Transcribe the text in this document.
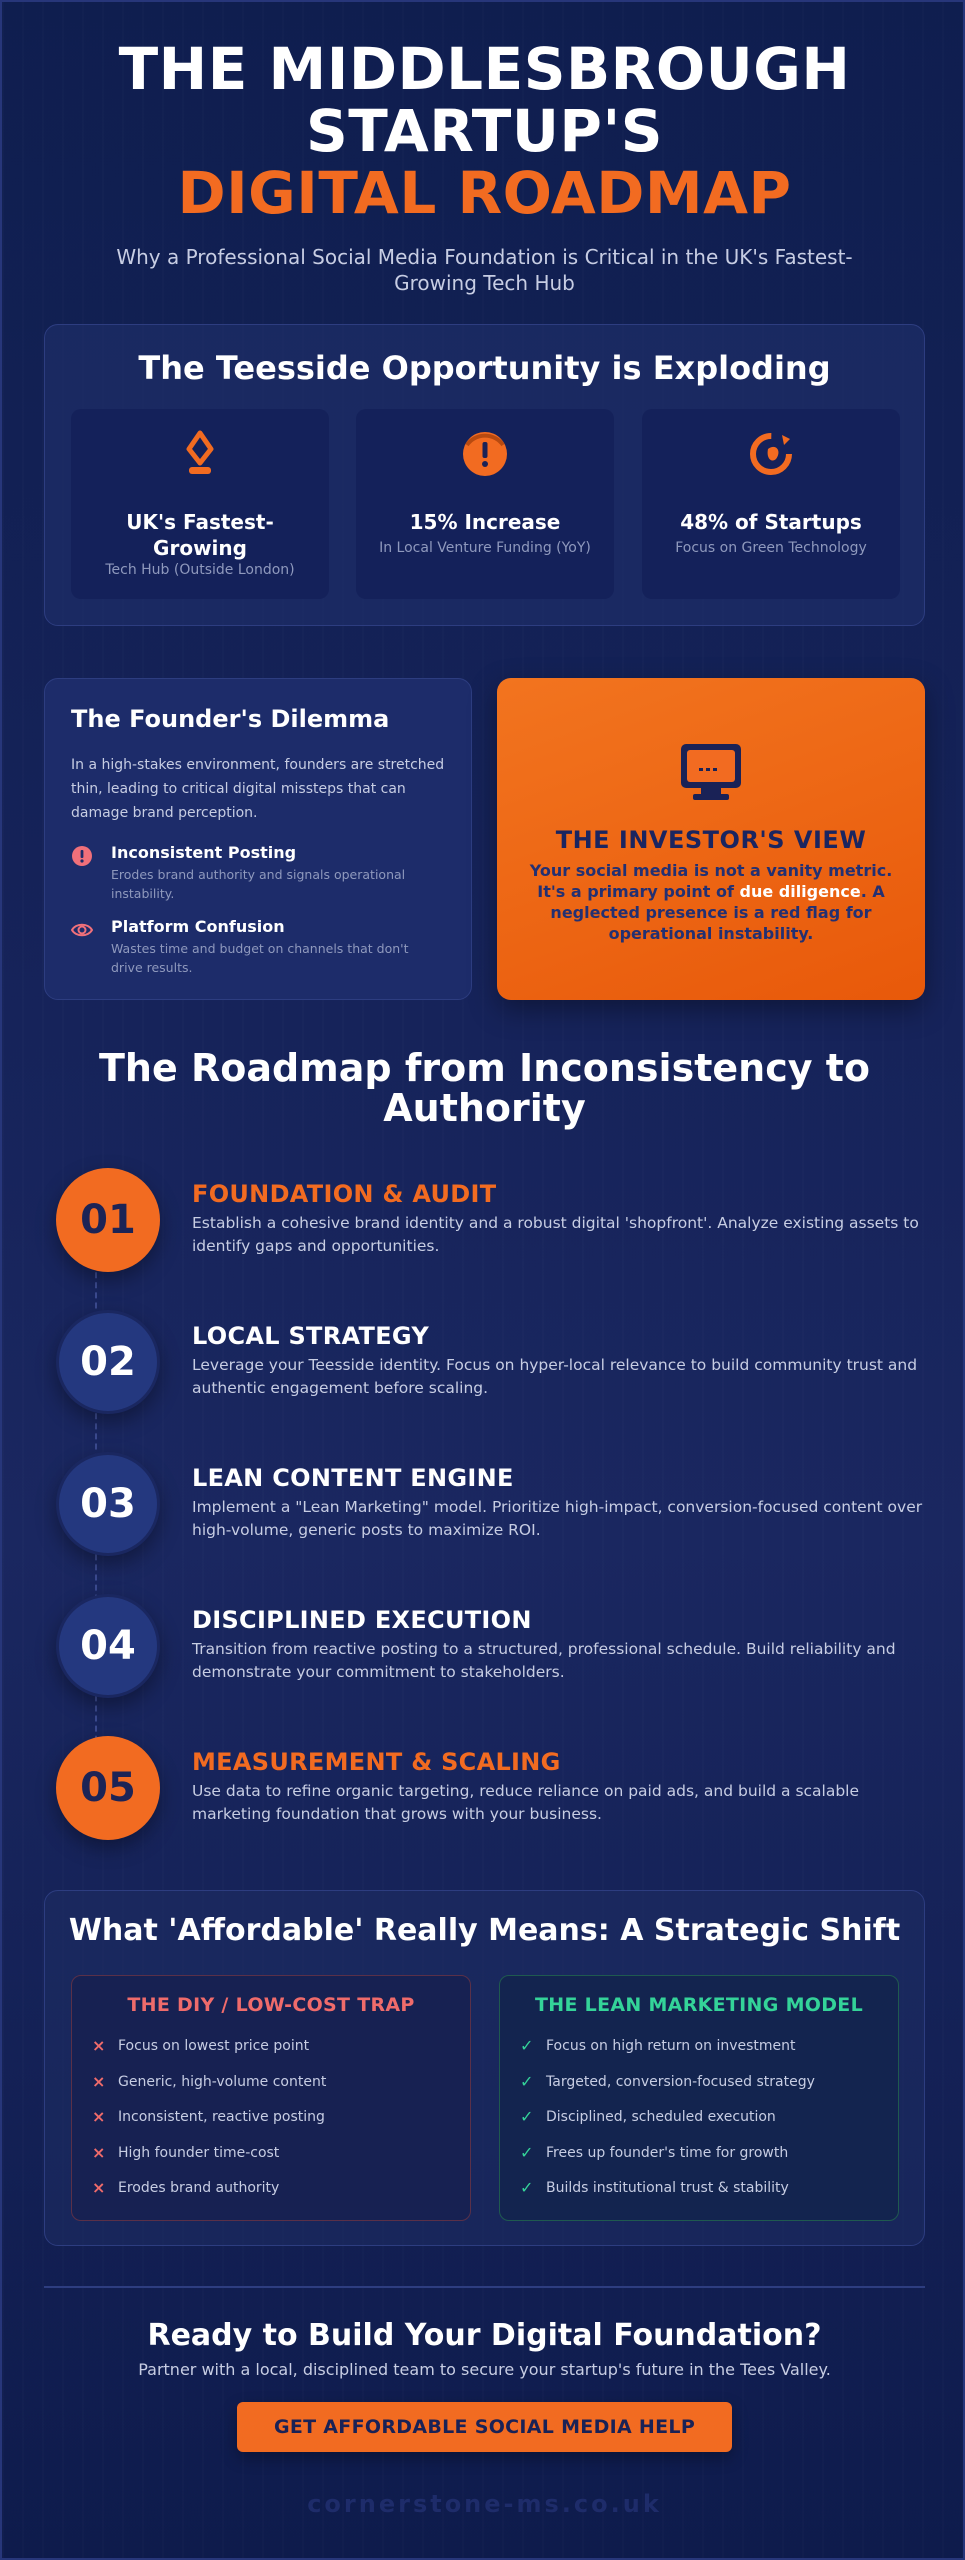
THE MIDDLESBROUGH
STARTUP'S
DIGITAL ROADMAP

Why a Professional Social Media Foundation is Critical in the UK's Fastest-Growing Tech Hub

The Teesside Opportunity is Exploding
UK's Fastest-Growing
Tech Hub (Outside London)
15% Increase
In Local Venture Funding (YoY)
48% of Startups
Focus on Green Technology
The Founder's Dilemma

In a high-stakes environment, founders are stretched thin, leading to critical digital missteps that can damage brand perception.

Inconsistent Posting
Erodes brand authority and signals operational instability.
Platform Confusion
Wastes time and budget on channels that don't drive results.
THE INVESTOR'S VIEW

Your social media is not a vanity metric. It's a primary point of due diligence. A neglected presence is a red flag for operational instability.

The Roadmap from Inconsistency to Authority
01
FOUNDATION & AUDIT

Establish a cohesive brand identity and a robust digital 'shopfront'. Analyze existing assets to identify gaps and opportunities.

02
LOCAL STRATEGY

Leverage your Teesside identity. Focus on hyper-local relevance to build community trust and authentic engagement before scaling.

03
LEAN CONTENT ENGINE

Implement a "Lean Marketing" model. Prioritize high-impact, conversion-focused content over high-volume, generic posts to maximize ROI.

04
DISCIPLINED EXECUTION

Transition from reactive posting to a structured, professional schedule. Build reliability and demonstrate your commitment to stakeholders.

05
MEASUREMENT & SCALING

Use data to refine organic targeting, reduce reliance on paid ads, and build a scalable marketing foundation that grows with your business.

What 'Affordable' Really Means: A Strategic Shift
THE DIY / LOW-COST TRAP
× Focus on lowest price point
× Generic, high-volume content
× Inconsistent, reactive posting
× High founder time-cost
× Erodes brand authority
THE LEAN MARKETING MODEL
✓ Focus on high return on investment
✓ Targeted, conversion-focused strategy
✓ Disciplined, scheduled execution
✓ Frees up founder's time for growth
✓ Builds institutional trust & stability
Ready to Build Your Digital Foundation?

Partner with a local, disciplined team to secure your startup's future in the Tees Valley.

GET AFFORDABLE SOCIAL MEDIA HELP
cornerstone-ms.co.uk
